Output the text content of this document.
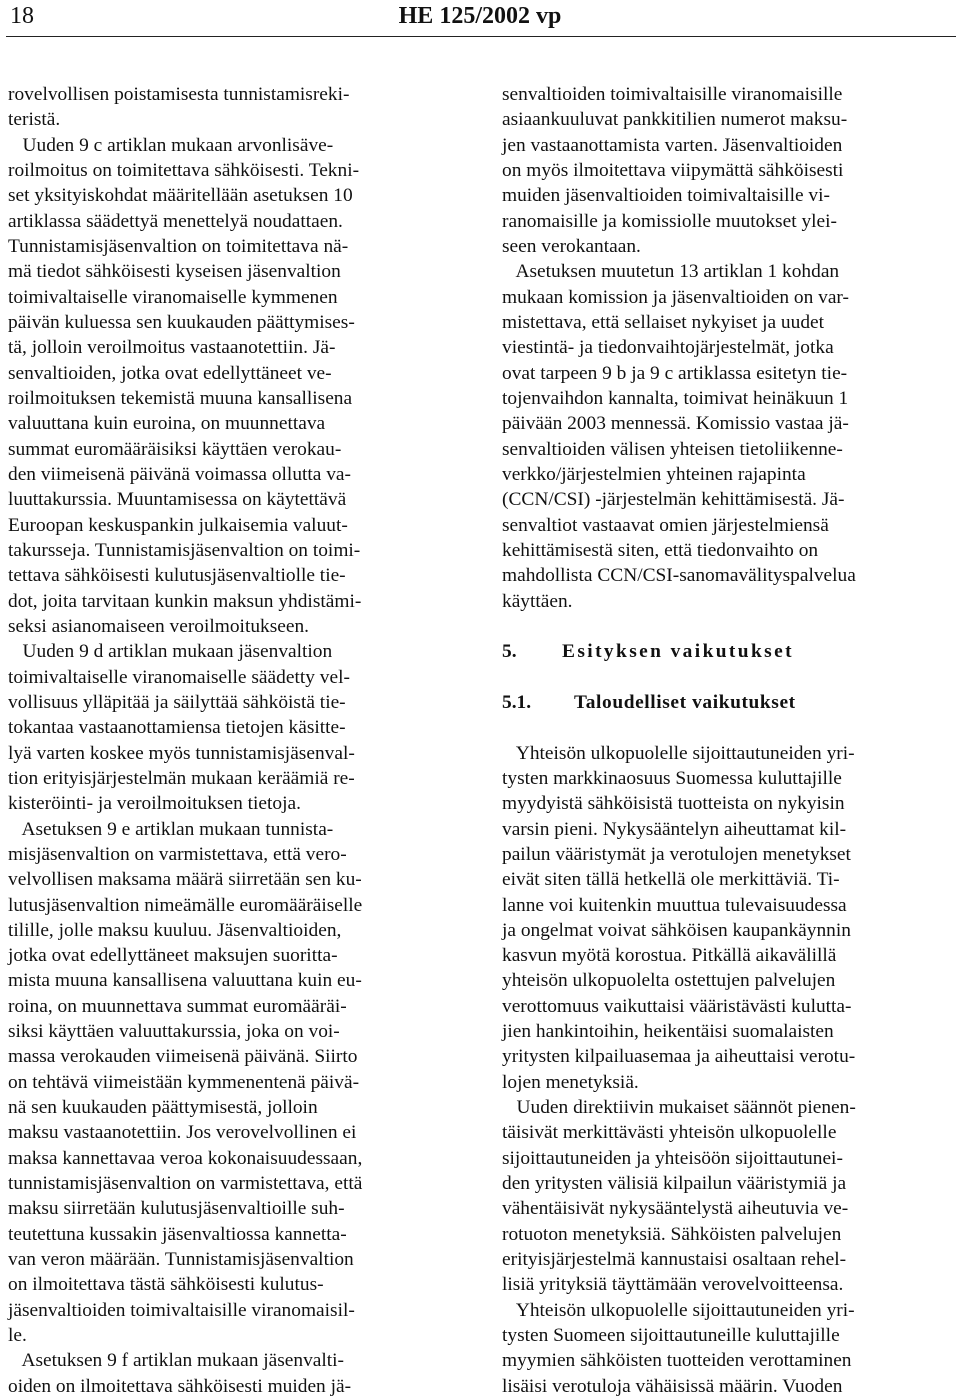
18	HE 125/2002 vp
rovelvollisen poistamisesta tunnistamisreki-
teristä.
Uuden 9 c artiklan mukaan arvonlisäve-
roilmoitus on toimitettava sähköisesti. Tekni-
set yksityiskohdat määritellään asetuksen 10
artiklassa säädettyä menettelyä noudattaen.
Tunnistamisjäsenvaltion on toimitettava nä-
mä tiedot sähköisesti kyseisen jäsenvaltion
toimivaltaiselle viranomaiselle kymmenen
päivän kuluessa sen kuukauden päättymises-
tä, jolloin veroilmoitus vastaanotettiin. Jä-
senvaltioiden, jotka ovat edellyttäneet ve-
roilmoituksen tekemistä muuna kansallisena
valuuttana kuin euroina, on muunnettava
summat euromääräisiksi käyttäen verokau-
den viimeisenä päivänä voimassa ollutta va-
luuttakurssia. Muuntamisessa on käytettävä
Euroopan keskuspankin julkaisemia valuut-
takursseja. Tunnistamisjäsenvaltion on toimi-
tettava sähköisesti kulutusjäsenvaltiolle tie-
dot, joita tarvitaan kunkin maksun yhdistämi-
seksi asianomaiseen veroilmoitukseen.
Uuden 9 d artiklan mukaan jäsenvaltion
toimivaltaiselle viranomaiselle säädetty vel-
vollisuus ylläpitää ja säilyttää sähköistä tie-
tokantaa vastaanottamiensa tietojen käsitte-
lyä varten koskee myös tunnistamisjäsenval-
tion erityisjärjestelmän mukaan keräämiä re-
kisteröinti- ja veroilmoituksen tietoja.
Asetuksen 9 e artiklan mukaan tunnista-
misjäsenvaltion on varmistettava, että vero-
velvollisen maksama määrä siirretään sen ku-
lutusjäsenvaltion nimeämälle euromääräiselle
tilille, jolle maksu kuuluu. Jäsenvaltioiden,
jotka ovat edellyttäneet maksujen suoritta-
mista muuna kansallisena valuuttana kuin eu-
roina, on muunnettava summat euromääräi-
siksi käyttäen valuuttakurssia, joka on voi-
massa verokauden viimeisenä päivänä. Siirto
on tehtävä viimeistään kymmenentenä päivä-
nä sen kuukauden päättymisestä, jolloin
maksu vastaanotettiin. Jos verovelvollinen ei
maksa kannettavaa veroa kokonaisuudessaan,
tunnistamisjäsenvaltion on varmistettava, että
maksu siirretään kulutusjäsenvaltioille suh-
teutettuna kussakin jäsenvaltiossa kannetta-
van veron määrään. Tunnistamisjäsenvaltion
on ilmoitettava tästä sähköisesti kulutus-
jäsenvaltioiden toimivaltaisille viranomaisil-
le.
Asetuksen 9 f artiklan mukaan jäsenvalti-
oiden on ilmoitettava sähköisesti muiden jä-
senvaltioiden toimivaltaisille viranomaisille
asiaankuuluvat pankkitilien numerot maksu-
jen vastaanottamista varten. Jäsenvaltioiden
on myös ilmoitettava viipymättä sähköisesti
muiden jäsenvaltioiden toimivaltaisille vi-
ranomaisille ja komissiolle muutokset ylei-
seen verokantaan.
Asetuksen muutetun 13 artiklan 1 kohdan
mukaan komission ja jäsenvaltioiden on var-
mistettava, että sellaiset nykyiset ja uudet
viestintä- ja tiedonvaihtojärjestelmät, jotka
ovat tarpeen 9 b ja 9 c artiklassa esitetyn tie-
tojenvaihdon kannalta, toimivat heinäkuun 1
päivään 2003 mennessä. Komissio vastaa jä-
senvaltioiden välisen yhteisen tietoliikenne-
verkko/järjestelmien yhteinen rajapinta
(CCN/CSI) -järjestelmän kehittämisestä. Jä-
senvaltiot vastaavat omien järjestelmiensä
kehittämisestä siten, että tiedonvaihto on
mahdollista CCN/CSI-sanomavälityspalvelua
käyttäen.
5. Esityksen vaikutukset
5.1. Taloudelliset vaikutukset
Yhteisön ulkopuolelle sijoittautuneiden yri-
tysten markkinaosuus Suomessa kuluttajille
myydyistä sähköisistä tuotteista on nykyisin
varsin pieni. Nykysääntelyn aiheuttamat kil-
pailun vääristymät ja verotulojen menetykset
eivät siten tällä hetkellä ole merkittäviä. Ti-
lanne voi kuitenkin muuttua tulevaisuudessa
ja ongelmat voivat sähköisen kaupankäynnin
kasvun myötä korostua. Pitkällä aikavälillä
yhteisön ulkopuolelta ostettujen palvelujen
verottomuus vaikuttaisi vääristävästi kulutta-
jien hankintoihin, heikentäisi suomalaisten
yritysten kilpailuasemaa ja aiheuttaisi verotu-
lojen menetyksiä.
Uuden direktiivin mukaiset säännöt pienen-
täisivät merkittävästi yhteisön ulkopuolelle
sijoittautuneiden ja yhteisöön sijoittautunei-
den yritysten välisiä kilpailun vääristymiä ja
vähentäisivät nykysääntelystä aiheutuvia ve-
rotuoton menetyksiä. Sähköisten palvelujen
erityisjärjestelmä kannustaisi osaltaan rehel-
lisiä yrityksiä täyttämään verovelvoitteensa.
Yhteisön ulkopuolelle sijoittautuneiden yri-
tysten Suomeen sijoittautuneille kuluttajille
myymien sähköisten tuotteiden verottaminen
lisäisi verotuloja vähäisissä määrin. Vuoden
